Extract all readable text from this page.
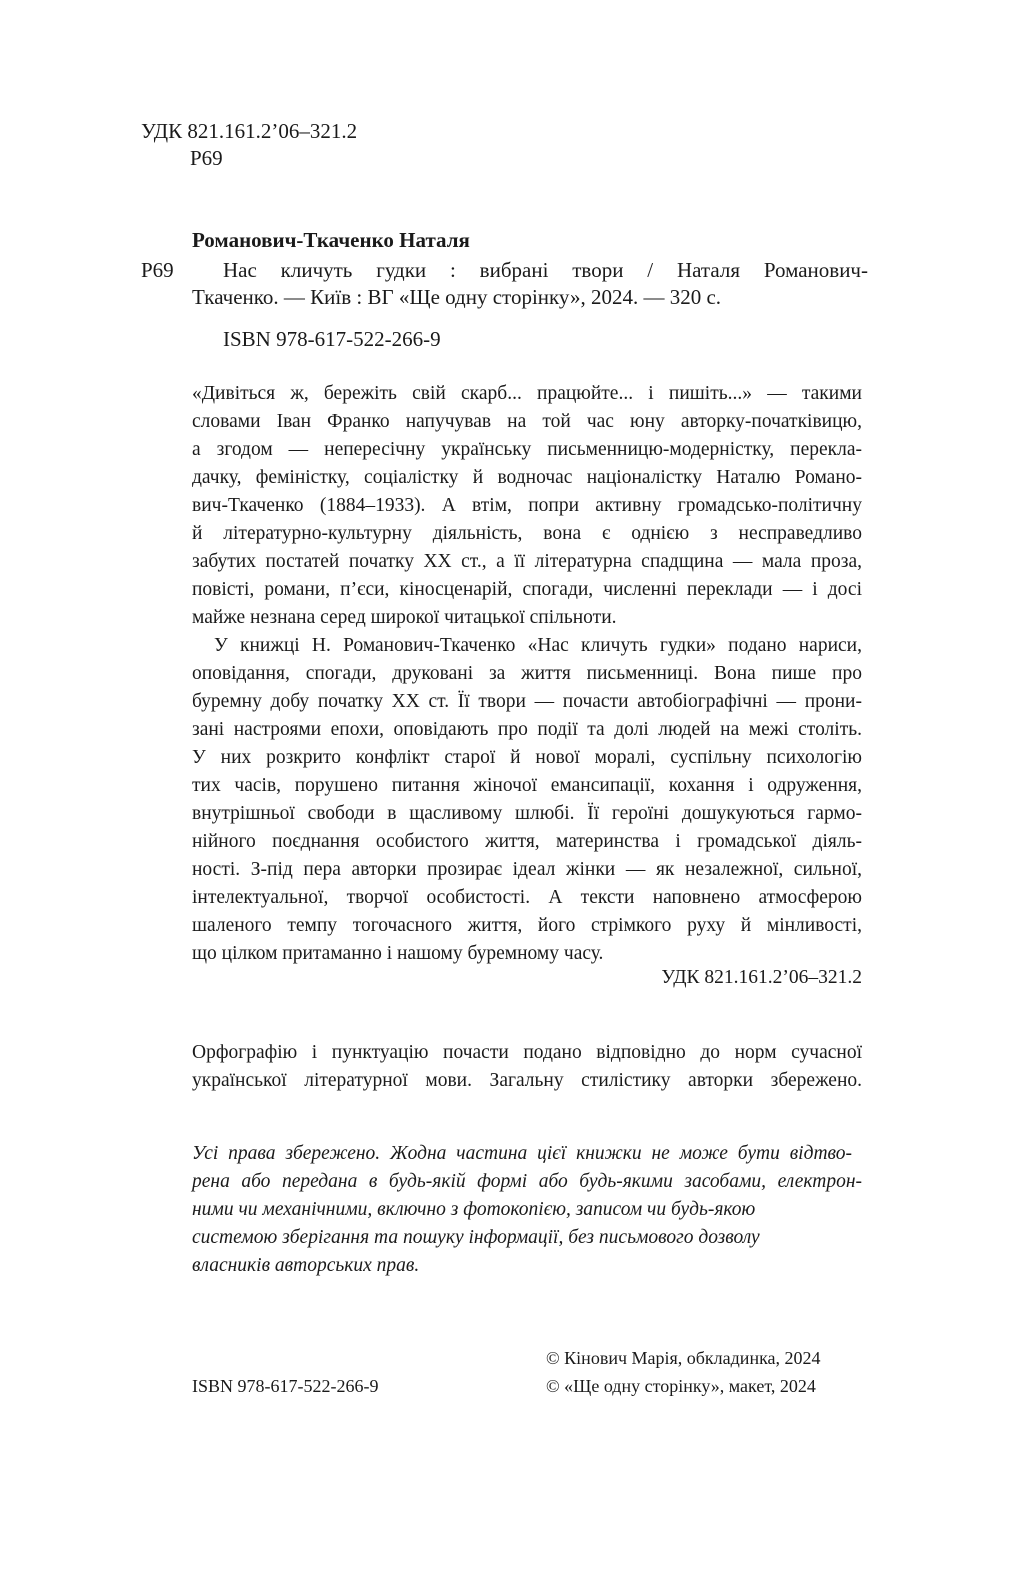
УДК 821.161.2’06–321.2
Р69
Романович-Ткаченко Наталя
Р69 Нас кличуть гудки : вибрані твори / Наталя Романович-
Ткаченко. — Київ : ВГ «Ще одну сторінку», 2024. — 320 с.
ISBN 978-617-522-266-9
«Дивіться ж, бережіть свій скарб... працюйте... і пишіть...» — такими
словами Іван Франко напучував на той час юну авторку-початківицю,
а згодом — непересічну українську письменницю-модерністку, перекла-
дачку, феміністку, соціалістку й водночас націоналістку Наталю Романо-
вич-Ткаченко (1884–1933). А втім, попри активну громадсько-політичну
й літературно-культурну діяльність, вона є однією з несправедливо
забутих постатей початку ХХ ст., а її літературна спадщина — мала проза,
повісті, романи, п’єси, кіносценарій, спогади, численні переклади — і досі
майже незнана серед широкої читацької спільноти.
У книжці Н. Романович-Ткаченко «Нас кличуть гудки» подано нариси,
оповідання, спогади, друковані за життя письменниці. Вона пише про
буремну добу початку ХХ ст. Її твори — почасти автобіографічні — прони-
зані настроями епохи, оповідають про події та долі людей на межі століть.
У них розкрито конфлікт старої й нової моралі, суспільну психологію
тих часів, порушено питання жіночої емансипації, кохання і одруження,
внутрішньої свободи в щасливому шлюбі. Її героїні дошукуються гармо-
нійного поєднання особистого життя, материнства і громадської діяль-
ності. З-під пера авторки прозирає ідеал жінки — як незалежної, сильної,
інтелектуальної, творчої особистості. А тексти наповнено атмосферою
шаленого темпу тогочасного життя, його стрімкого руху й мінливості,
що цілком притаманно і нашому буремному часу.
УДК 821.161.2’06–321.2
Орфографію і пунктуацію почасти подано відповідно до норм сучасної
української літературної мови. Загальну стилістику авторки збережено.
Усі права збережено. Жодна частина цієї книжки не може бути відтво-
рена або передана в будь-якій формі або будь-якими засобами, електрон-
ними чи механічними, включно з фотокопією, записом чи будь-якою
системою зберігання та пошуку інформації, без письмового дозволу
власників авторських прав.
ISBN 978-617-522-266-9
© Кінович Марія, обкладинка, 2024
© «Ще одну сторінку», макет, 2024
